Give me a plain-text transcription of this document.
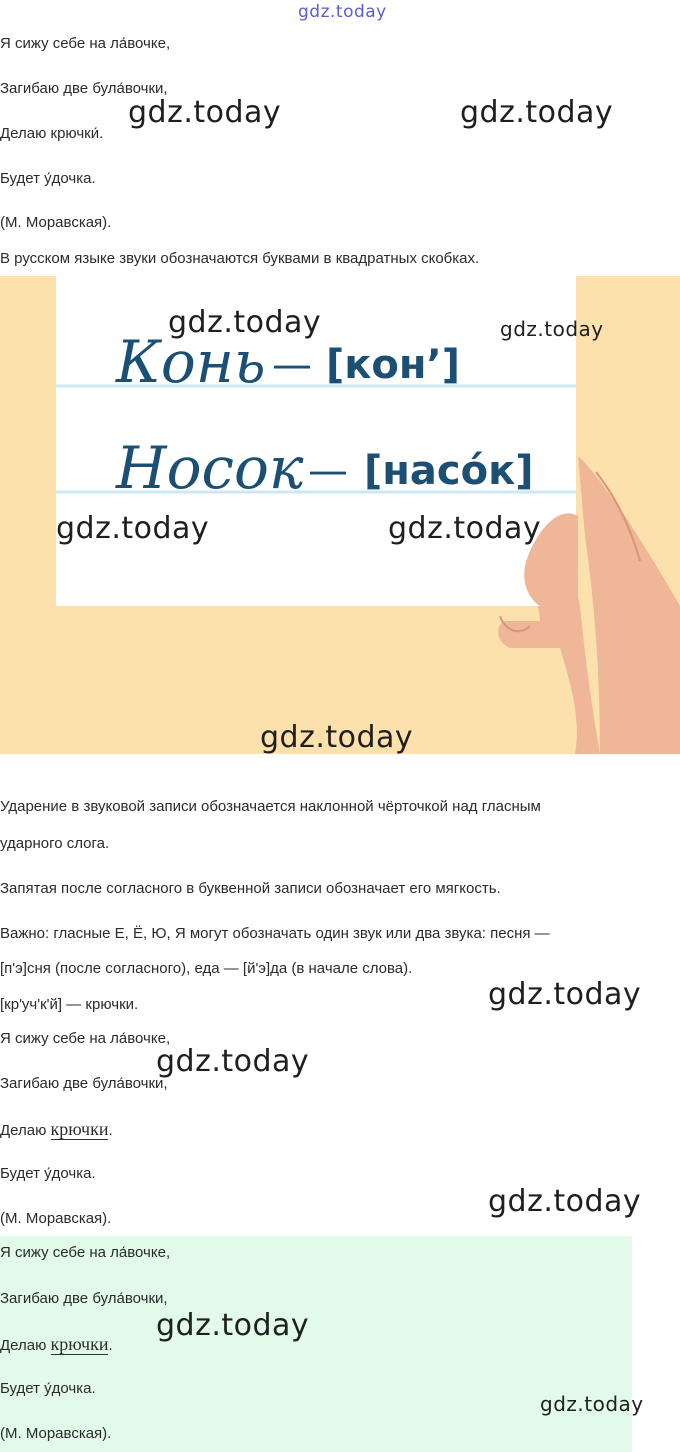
gdz.today
Я сижу себе на ла́вочке,
Загибаю две була́вочки,
Делаю крючки́.
Будет у́дочка.
(М. Моравская).
В русском языке звуки обозначаются буквами в квадратных скобках.
Конь — [кон’]
Носок — [насо́к]
Ударение в звуковой записи обозначается наклонной чёрточкой над гласным
ударного слога.
Запятая после согласного в буквенной записи обозначает его мягкость.
Важно: гласные Е, Ё, Ю, Я могут обозначать один звук или два звука: песня —
[п'э]сня (после согласного), еда — [й'э]да (в начале слова).
[кр'уч'к'й] — крючки.
Я сижу себе на ла́вочке,
Загибаю две була́вочки,
Делаю крючки.
Будет у́дочка.
(М. Моравская).
Я сижу себе на ла́вочке,
Загибаю две була́вочки,
Делаю крючки.
Будет у́дочка.
(М. Моравская).
gdz.today	gdz.today
gdz.today	gdz.today
gdz.today	gdz.today
gdz.today
gdz.today
gdz.today
gdz.today
gdz.today
gdz.today
